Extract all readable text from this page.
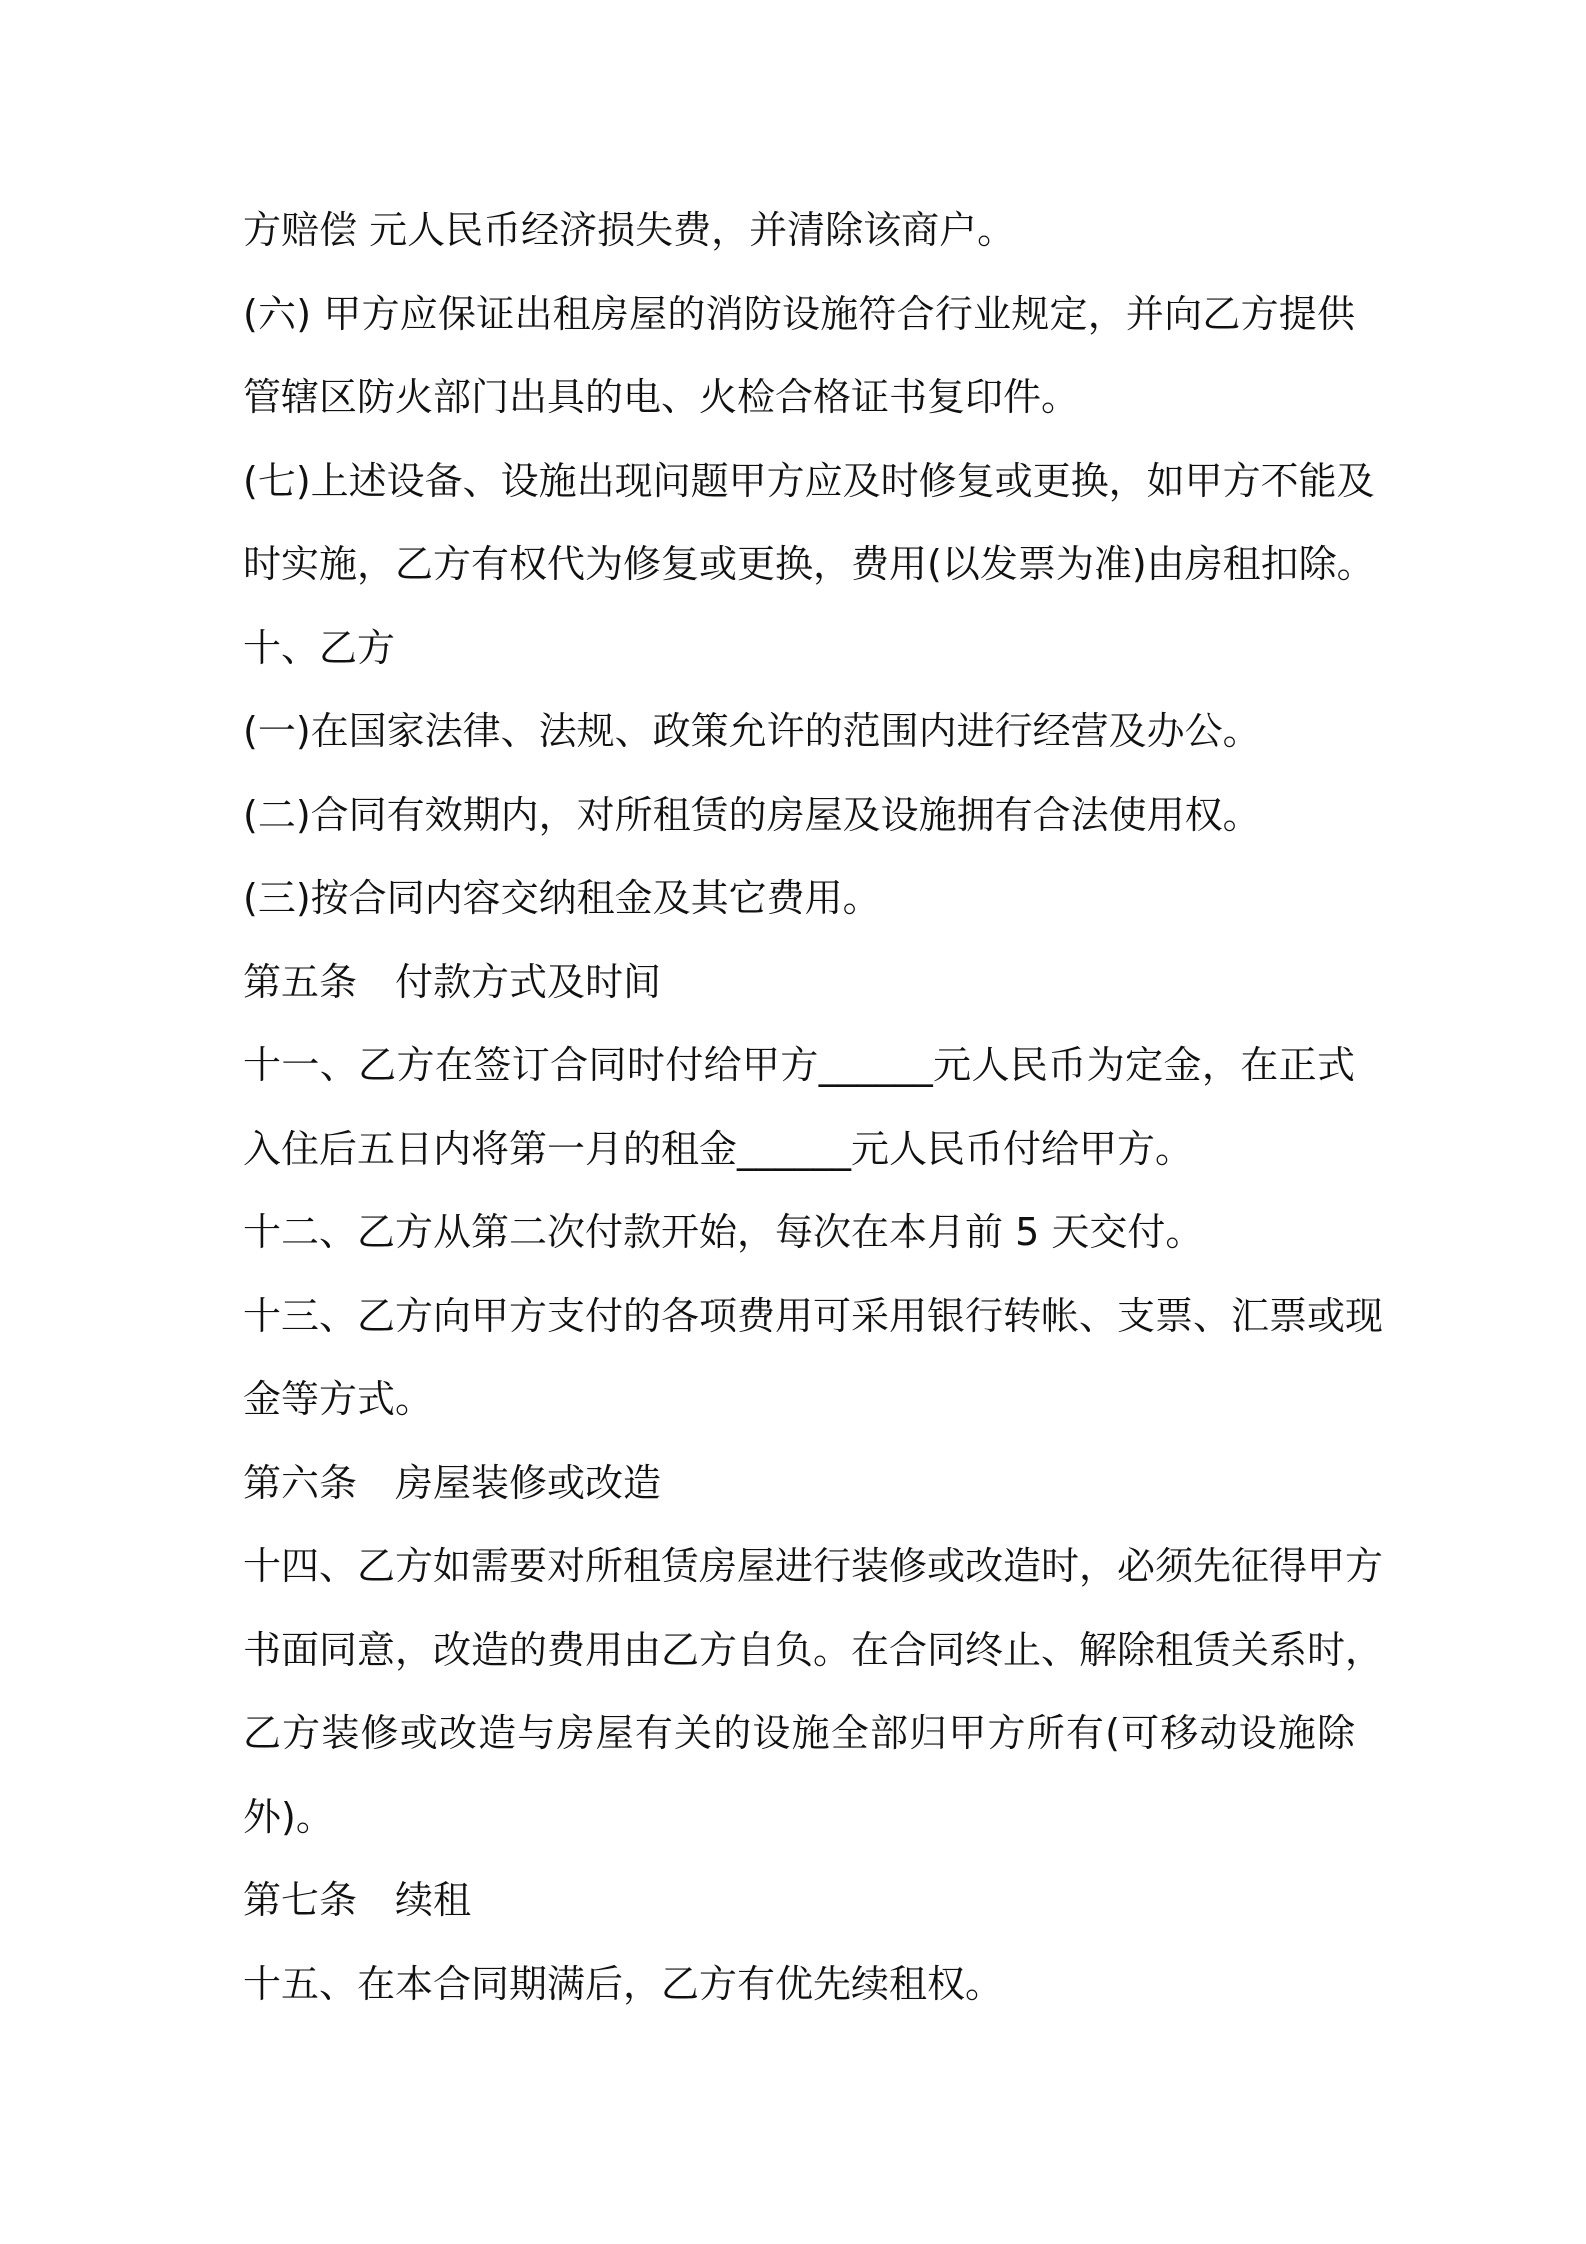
方赔偿 元人民币经济损失费，并清除该商户。
(六) 甲方应保证出租房屋的消防设施符合行业规定，并向乙方提供
管辖区防火部门出具的电、火检合格证书复印件。
(七)上述设备、设施出现问题甲方应及时修复或更换，如甲方不能及
时实施，乙方有权代为修复或更换，费用(以发票为准)由房租扣除。
十、乙方
(一)在国家法律、法规、政策允许的范围内进行经营及办公。
(二)合同有效期内，对所租赁的房屋及设施拥有合法使用权。
(三)按合同内容交纳租金及其它费用。
第五条　付款方式及时间
十一、乙方在签订合同时付给甲方______元人民币为定金，在正式
入住后五日内将第一月的租金______元人民币付给甲方。
十二、乙方从第二次付款开始，每次在本月前 5 天交付。
十三、乙方向甲方支付的各项费用可采用银行转帐、支票、汇票或现
金等方式。
第六条　房屋装修或改造
十四、乙方如需要对所租赁房屋进行装修或改造时，必须先征得甲方
书面同意，改造的费用由乙方自负。在合同终止、解除租赁关系时，
乙方装修或改造与房屋有关的设施全部归甲方所有(可移动设施除
外)。
第七条　续租
十五、在本合同期满后，乙方有优先续租权。
